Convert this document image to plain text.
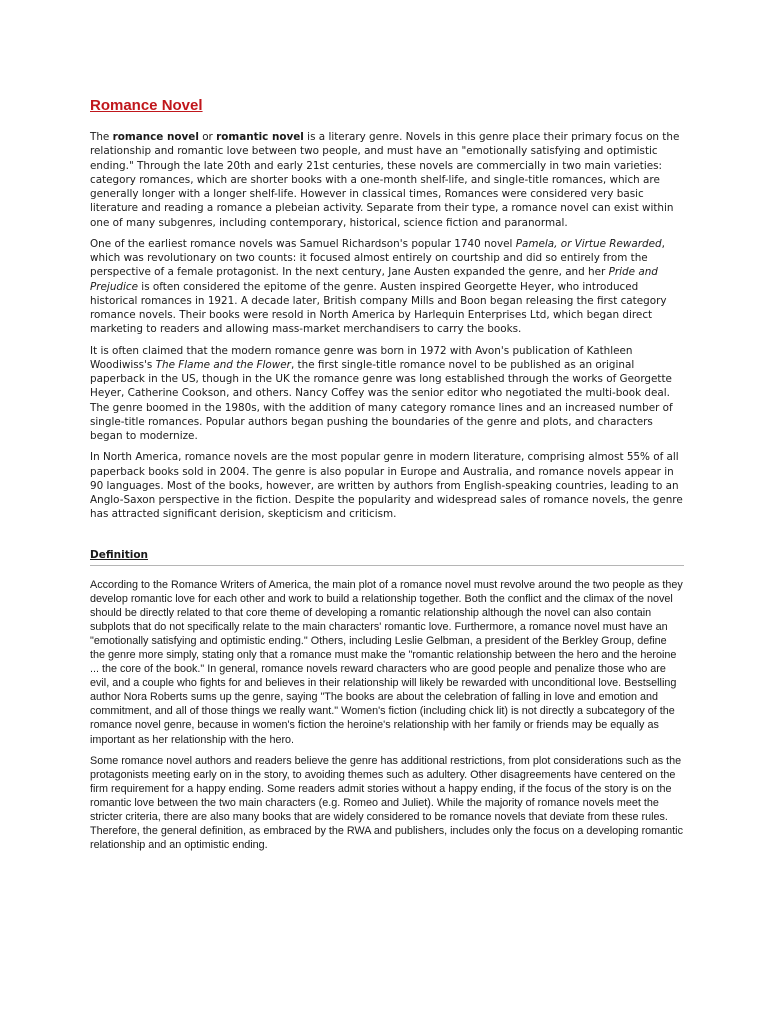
Romance Novel

The romance novel or romantic novel is a literary genre. Novels in this genre place their primary focus on the relationship and romantic love between two people, and must have an "emotionally satisfying and optimistic ending." Through the late 20th and early 21st centuries, these novels are commercially in two main varieties: category romances, which are shorter books with a one-month shelf-life, and single-title romances, which are generally longer with a longer shelf-life. However in classical times, Romances were considered very basic literature and reading a romance a plebeian activity. Separate from their type, a romance novel can exist within one of many subgenres, including contemporary, historical, science fiction and paranormal.

One of the earliest romance novels was Samuel Richardson's popular 1740 novel Pamela, or Virtue Rewarded, which was revolutionary on two counts: it focused almost entirely on courtship and did so entirely from the perspective of a female protagonist. In the next century, Jane Austen expanded the genre, and her Pride and Prejudice is often considered the epitome of the genre. Austen inspired Georgette Heyer, who introduced historical romances in 1921. A decade later, British company Mills and Boon began releasing the first category romance novels. Their books were resold in North America by Harlequin Enterprises Ltd, which began direct marketing to readers and allowing mass-market merchandisers to carry the books.

It is often claimed that the modern romance genre was born in 1972 with Avon's publication of Kathleen Woodiwiss's The Flame and the Flower, the first single-title romance novel to be published as an original paperback in the US, though in the UK the romance genre was long established through the works of Georgette Heyer, Catherine Cookson, and others. Nancy Coffey was the senior editor who negotiated the multi-book deal. The genre boomed in the 1980s, with the addition of many category romance lines and an increased number of single-title romances. Popular authors began pushing the boundaries of the genre and plots, and characters began to modernize.

In North America, romance novels are the most popular genre in modern literature, comprising almost 55% of all paperback books sold in 2004. The genre is also popular in Europe and Australia, and romance novels appear in 90 languages. Most of the books, however, are written by authors from English-speaking countries, leading to an Anglo-Saxon perspective in the fiction. Despite the popularity and widespread sales of romance novels, the genre has attracted significant derision, skepticism and criticism.

Definition

According to the Romance Writers of America, the main plot of a romance novel must revolve around the two people as they develop romantic love for each other and work to build a relationship together. Both the conflict and the climax of the novel should be directly related to that core theme of developing a romantic relationship although the novel can also contain subplots that do not specifically relate to the main characters' romantic love. Furthermore, a romance novel must have an "emotionally satisfying and optimistic ending." Others, including Leslie Gelbman, a president of the Berkley Group, define the genre more simply, stating only that a romance must make the "romantic relationship between the hero and the heroine ... the core of the book." In general, romance novels reward characters who are good people and penalize those who are evil, and a couple who fights for and believes in their relationship will likely be rewarded with unconditional love. Bestselling author Nora Roberts sums up the genre, saying "The books are about the celebration of falling in love and emotion and commitment, and all of those things we really want." Women's fiction (including chick lit) is not directly a subcategory of the romance novel genre, because in women's fiction the heroine's relationship with her family or friends may be equally as important as her relationship with the hero.

Some romance novel authors and readers believe the genre has additional restrictions, from plot considerations such as the protagonists meeting early on in the story, to avoiding themes such as adultery. Other disagreements have centered on the firm requirement for a happy ending. Some readers admit stories without a happy ending, if the focus of the story is on the romantic love between the two main characters (e.g. Romeo and Juliet). While the majority of romance novels meet the stricter criteria, there are also many books that are widely considered to be romance novels that deviate from these rules. Therefore, the general definition, as embraced by the RWA and publishers, includes only the focus on a developing romantic relationship and an optimistic ending.
